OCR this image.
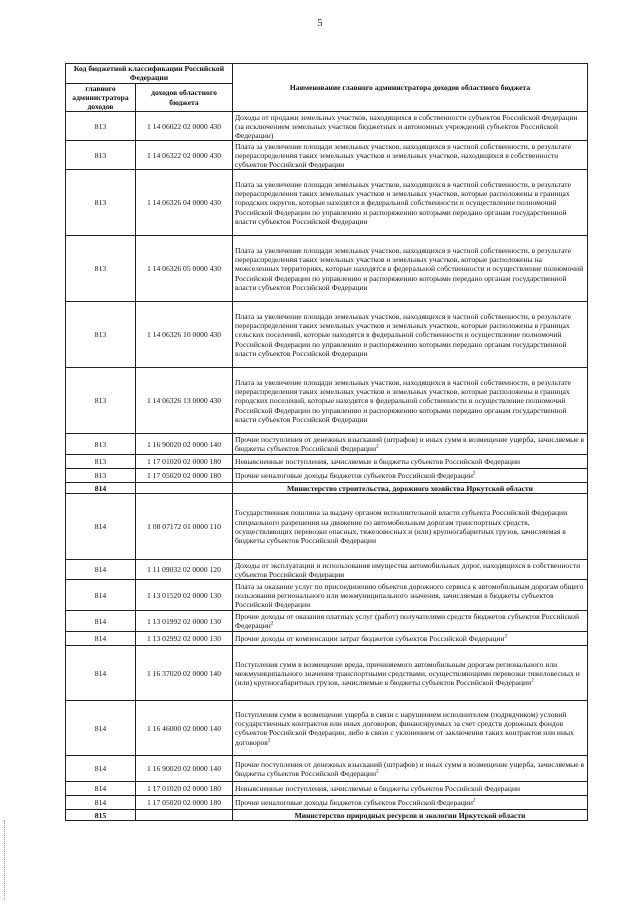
5
Код бюджетной классификации Российской Федерации		Наименование главного администратора доходов областного бюджета
главного администратора доходов	доходов областного бюджета	
813	1 14 06022 02 0000 430	Доходы от продажи земельных участков, находящихся в собственности субъектов Российской Федерации (за исключением земельных участков бюджетных и автономных учреждений субъектов Российской Федерации)
813	1 14 06322 02 0000 430	Плата за увеличение площади земельных участков, находящихся в частной собственности, в результате перераспределения таких земельных участков и земельных участков, находящихся в собственности субъектов Российской Федерации
813	1 14 06326 04 0000 430	Плата за увеличение площади земельных участков, находящихся в частной собственности, в результате перераспределения таких земельных участков и земельных участков, которые расположены в границах городских округов, которые находятся в федеральной собственности и осуществление полномочий Российской Федерации по управлению и распоряжению которыми передано органам государственной власти субъектов Российской Федерации
813	1 14 06326 05 0000 430	Плата за увеличение площади земельных участков, находящихся в частной собственности, в результате перераспределения таких земельных участков и земельных участков, которые расположены на межселенных территориях, которые находятся в федеральной собственности и осуществление полномочий Российской Федерации по управлению и распоряжению которыми передано органам государственной власти субъектов Российской Федерации
813	1 14 06326 10 0000 430	Плата за увеличение площади земельных участков, находящихся в частной собственности, в результате перераспределения таких земельных участков и земельных участков, которые расположены в границах сельских поселений, которые находятся в федеральной собственности и осуществление полномочий Российской Федерации по управлению и распоряжению которыми передано органам государственной власти субъектов Российской Федерации
813	1 14 06326 13 0000 430	Плата за увеличение площади земельных участков, находящихся в частной собственности, в результате перераспределения таких земельных участков и земельных участков, которые расположены в границах городских поселений, которые находятся в федеральной собственности и осуществление полномочий Российской Федерации по управлению и распоряжению которыми передано органам государственной власти субъектов Российской Федерации
813	1 16 90020 02 0000 140	Прочие поступления от денежных взысканий (штрафов) и иных сумм в возмещение ущерба, зачисляемые в бюджеты субъектов Российской Федерации$^2$
813	1 17 01020 02 0000 180	Невыясненные поступления, зачисляемые в бюджеты субъектов Российской Федерации
813	1 17 05020 02 0000 180	Прочие неналоговые доходы бюджетов субъектов Российской Федерации$^2$
814		Министерство строительства, дорожного хозяйства Иркутской области
814	1 08 07172 01 0000 110	Государственная пошлина за выдачу органом исполнительной власти субъекта Российской Федерации специального разрешения на движение по автомобильным дорогам транспортных средств, осуществляющих перевозки опасных, тяжеловесных и (или) крупногабаритных грузов, зачисляемая в бюджеты субъектов Российской Федерации
814	1 11 09032 02 0000 120	Доходы от эксплуатации и использования имущества автомобильных дорог, находящихся в собственности субъектов Российской Федерации
814	1 13 01520 02 0000 130	Плата за оказание услуг по присоединению объектов дорожного сервиса к автомобильным дорогам общего пользования регионального или межмуниципального значения, зачисляемая в бюджеты субъектов Российской Федерации
814	1 13 01992 02 0000 130	Прочие доходы от оказания платных услуг (работ) получателями средств бюджетов субъектов Российской Федерации$^2$
814	1 13 02992 02 0000 130	Прочие доходы от компенсации затрат бюджетов субъектов Российской Федерации$^2$
814	1 16 37020 02 0000 140	Поступления сумм в возмещение вреда, причиняемого автомобильным дорогам регионального или межмуниципального значения транспортными средствами, осуществляющими перевозки тяжеловесных и (или) крупногабаритных грузов, зачисляемые в бюджеты субъектов Российской Федерации$^2$
814	1 16 46000 02 0000 140	Поступления сумм в возмещение ущерба в связи с нарушением исполнителем (подрядчиком) условий государственных контрактов или иных договоров, финансируемых за счет средств дорожных фондов субъектов Российской Федерации, либо в связи с уклонением от заключения таких контрактов или иных договоров$^2$
814	1 16 90020 02 0000 140	Прочие поступления от денежных взысканий (штрафов) и иных сумм в возмещение ущерба, зачисляемые в бюджеты субъектов Российской Федерации$^2$
814	1 17 01020 02 0000 180	Невыясненные поступления, зачисляемые в бюджеты субъектов Российской Федерации
814	1 17 05020 02 0000 180	Прочие неналоговые доходы бюджетов субъектов Российской Федерации$^2$
815		Министерство природных ресурсов и экологии Иркутской области
